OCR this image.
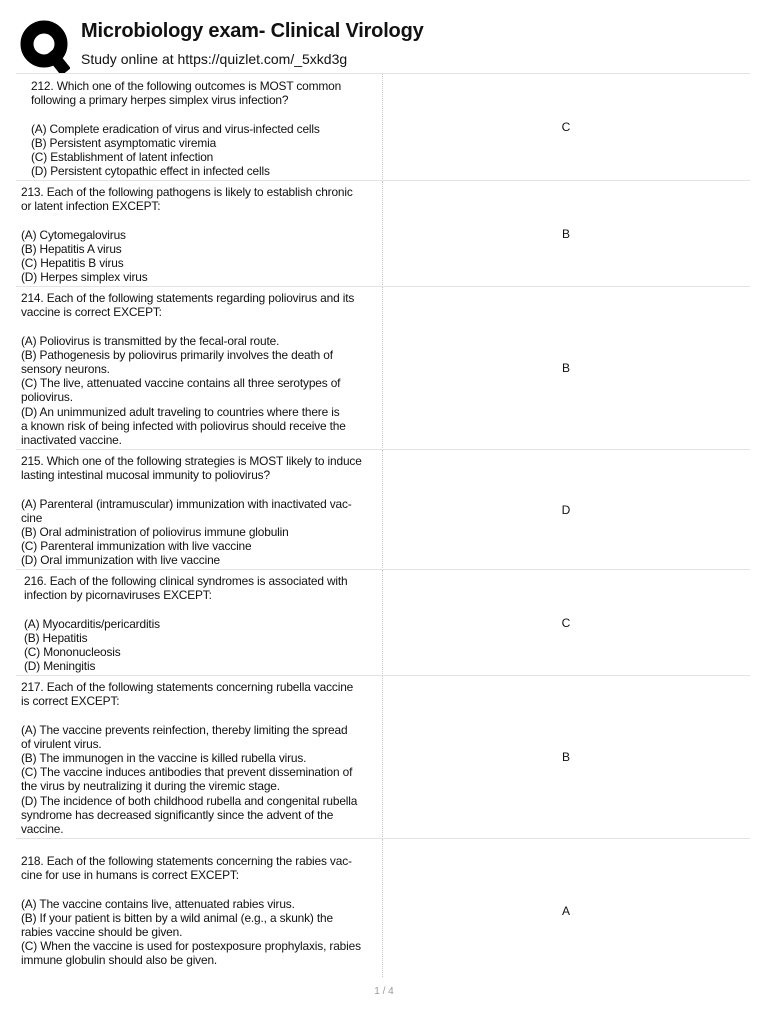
Microbiology exam- Clinical Virology
Study online at https://quizlet.com/_5xkd3g
212. Which one of the following outcomes is MOST common
following a primary herpes simplex virus infection?

(A) Complete eradication of virus and virus-infected cells
(B) Persistent asymptomatic viremia
(C) Establishment of latent infection
(D) Persistent cytopathic effect in infected cells
C
213. Each of the following pathogens is likely to establish chronic
or latent infection EXCEPT:

(A) Cytomegalovirus
(B) Hepatitis A virus
(C) Hepatitis B virus
(D) Herpes simplex virus
B
214. Each of the following statements regarding poliovirus and its
vaccine is correct EXCEPT:

(A) Poliovirus is transmitted by the fecal-oral route.
(B) Pathogenesis by poliovirus primarily involves the death of
sensory neurons.
(C) The live, attenuated vaccine contains all three serotypes of
poliovirus.
(D) An unimmunized adult traveling to countries where there is
a known risk of being infected with poliovirus should receive the
inactivated vaccine.
B
215. Which one of the following strategies is MOST likely to induce
lasting intestinal mucosal immunity to poliovirus?

(A) Parenteral (intramuscular) immunization with inactivated vac-
cine
(B) Oral administration of poliovirus immune globulin
(C) Parenteral immunization with live vaccine
(D) Oral immunization with live vaccine
D
216. Each of the following clinical syndromes is associated with
infection by picornaviruses EXCEPT:

(A) Myocarditis/pericarditis
(B) Hepatitis
(C) Mononucleosis
(D) Meningitis
C
217. Each of the following statements concerning rubella vaccine
is correct EXCEPT:

(A) The vaccine prevents reinfection, thereby limiting the spread
of virulent virus.
(B) The immunogen in the vaccine is killed rubella virus.
(C) The vaccine induces antibodies that prevent dissemination of
the virus by neutralizing it during the viremic stage.
(D) The incidence of both childhood rubella and congenital rubella
syndrome has decreased significantly since the advent of the
vaccine.
B
218. Each of the following statements concerning the rabies vac-
cine for use in humans is correct EXCEPT:

(A) The vaccine contains live, attenuated rabies virus.
(B) If your patient is bitten by a wild animal (e.g., a skunk) the
rabies vaccine should be given.
(C) When the vaccine is used for postexposure prophylaxis, rabies
immune globulin should also be given.
A
1 / 4
